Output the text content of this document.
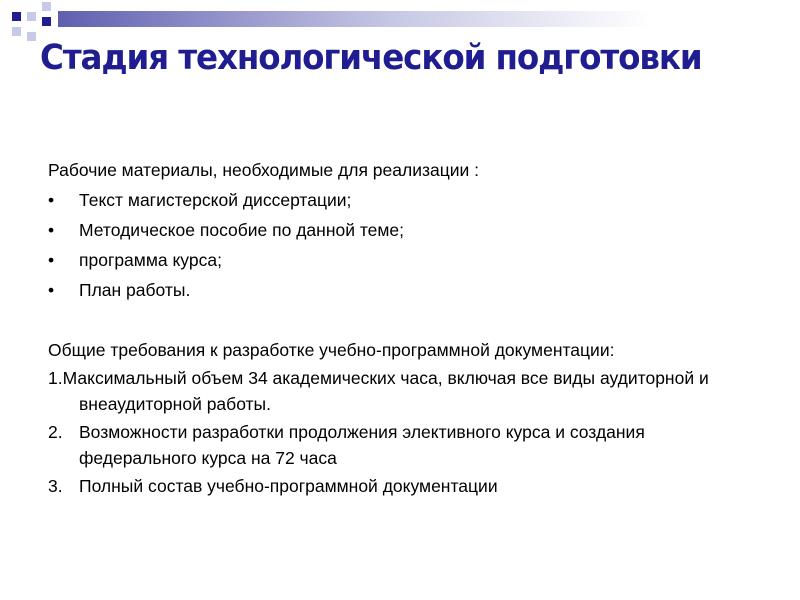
Стадия технологической подготовки

Рабочие материалы, необходимые для реализации :

• Текст магистерской диссертации;
• Методическое пособие по данной теме;
• программа курса;
• План работы.

Общие требования к разработке учебно-программной документации:

1.Максимальный объем 34 академических часа, включая все виды аудиторной и внеаудиторной работы.
2. Возможности разработки продолжения элективного курса и создания федерального курса на 72 часа
3. Полный состав учебно-программной документации
